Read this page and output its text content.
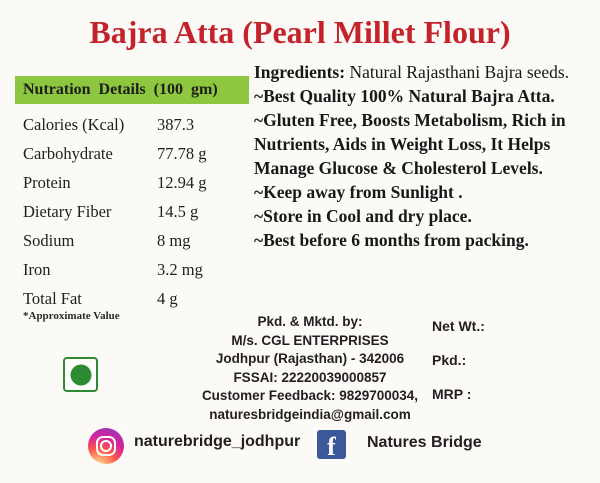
Bajra Atta (Pearl Millet Flour)
Nutration Details (100 gm)
Calories (Kcal) 387.3
Carbohydrate	77.78 g
Protein	12.94 g
Dietary Fiber	14.5 g
Sodium	8 mg
Iron	3.2 mg
Total Fat	4 g
*Approximate Value
Ingredients: Natural Rajasthani Bajra seeds.
~Best Quality 100% Natural Bajra Atta.
~Gluten Free, Boosts Metabolism, Rich in Nutrients, Aids in Weight Loss, It Helps Manage Glucose & Cholesterol Levels.
~Keep away from Sunlight .
~Store in Cool and dry place.
~Best before 6 months from packing.
Pkd. & Mktd. by:
M/s. CGL ENTERPRISES
Jodhpur (Rajasthan) - 342006
FSSAI: 22220039000857
Customer Feedback: 9829700034,
naturesbridgeindia@gmail.com
Net Wt.:
Pkd.:
MRP :
naturebridge_jodhpur	f	Natures Bridge
